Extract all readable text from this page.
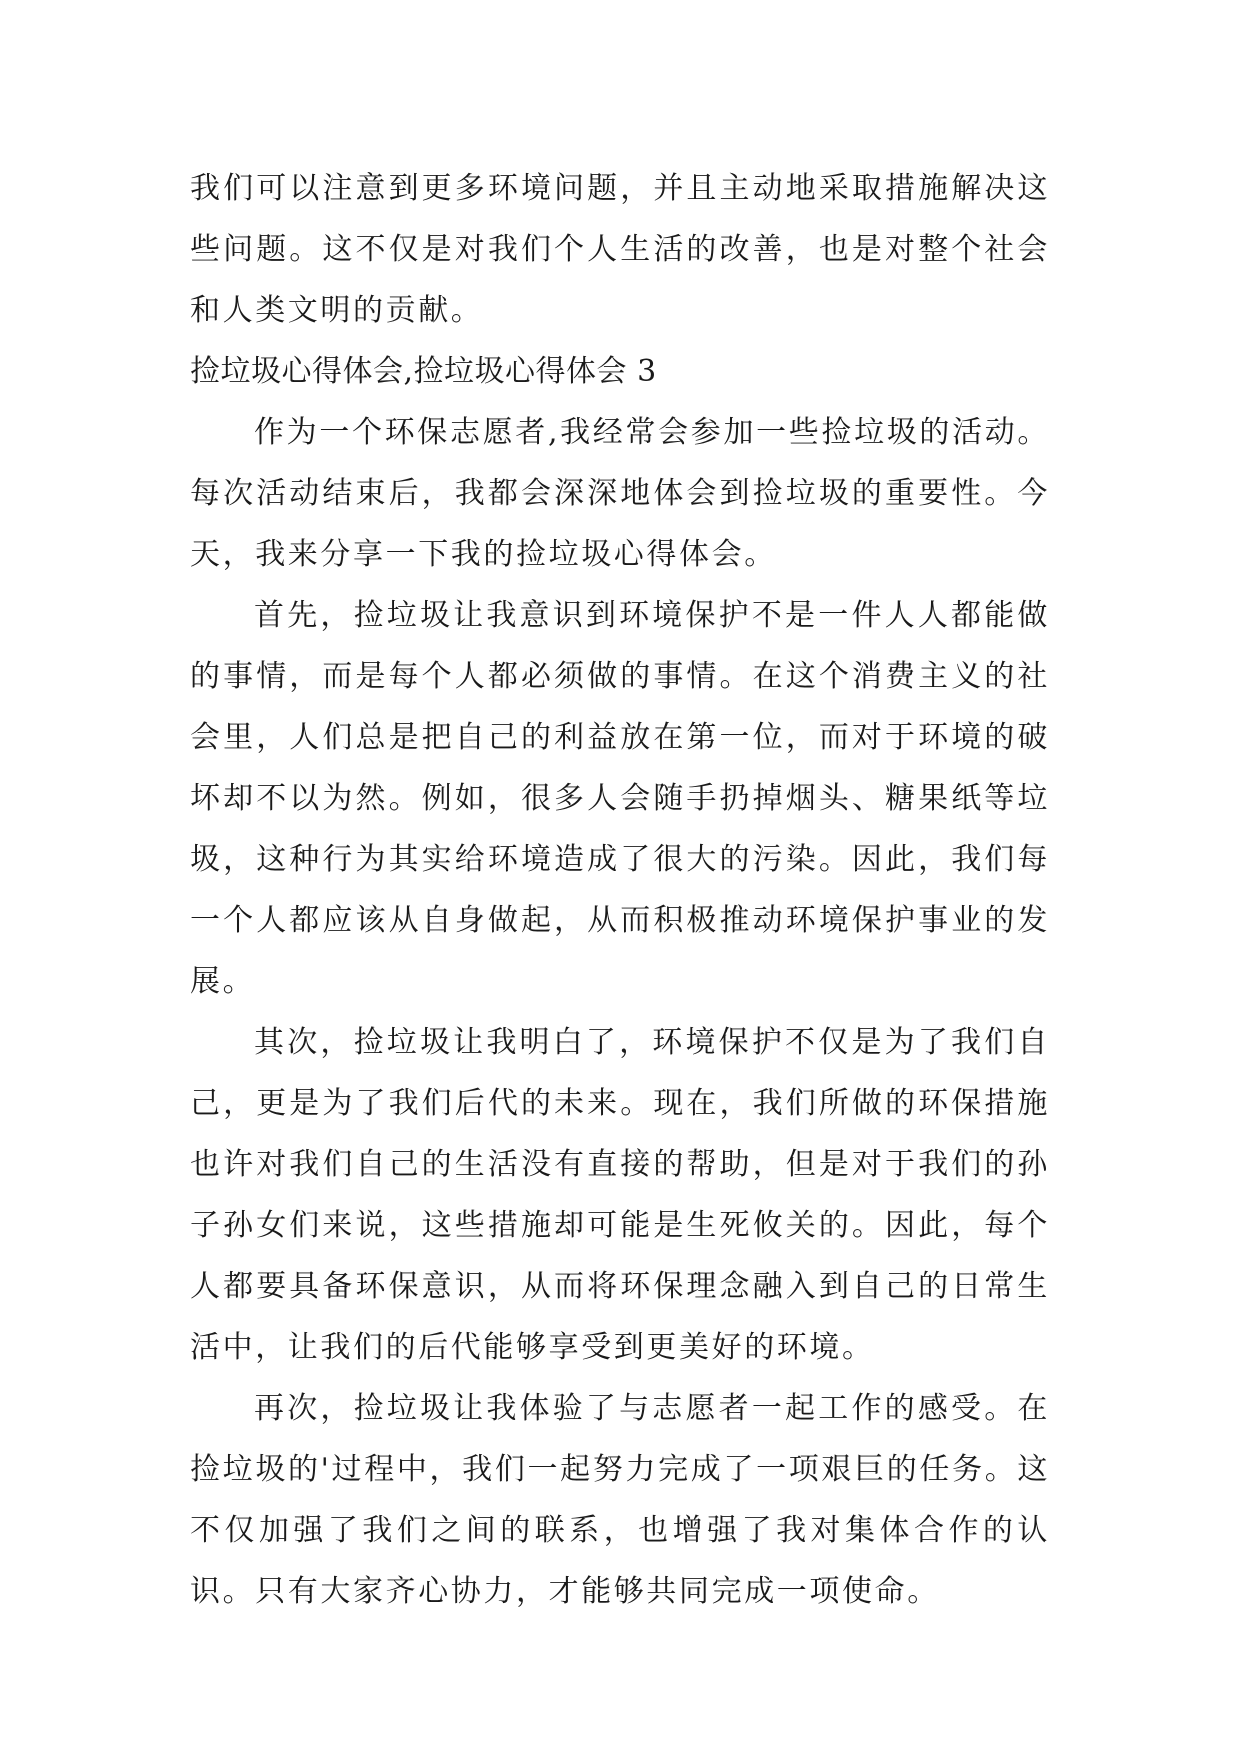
我们可以注意到更多环境问题，并且主动地采取措施解决这些问题。这不仅是对我们个人生活的改善，也是对整个社会和人类文明的贡献。

捡垃圾心得体会,捡垃圾心得体会 3

作为一个环保志愿者,我经常会参加一些捡垃圾的活动。每次活动结束后，我都会深深地体会到捡垃圾的重要性。今天，我来分享一下我的捡垃圾心得体会。

首先，捡垃圾让我意识到环境保护不是一件人人都能做的事情，而是每个人都必须做的事情。在这个消费主义的社会里，人们总是把自己的利益放在第一位，而对于环境的破坏却不以为然。例如，很多人会随手扔掉烟头、糖果纸等垃圾，这种行为其实给环境造成了很大的污染。因此，我们每一个人都应该从自身做起，从而积极推动环境保护事业的发展。

其次，捡垃圾让我明白了，环境保护不仅是为了我们自己，更是为了我们后代的未来。现在，我们所做的环保措施也许对我们自己的生活没有直接的帮助，但是对于我们的孙子孙女们来说，这些措施却可能是生死攸关的。因此，每个人都要具备环保意识，从而将环保理念融入到自己的日常生活中，让我们的后代能够享受到更美好的环境。

再次，捡垃圾让我体验了与志愿者一起工作的感受。在捡垃圾的'过程中，我们一起努力完成了一项艰巨的任务。这不仅加强了我们之间的联系，也增强了我对集体合作的认识。只有大家齐心协力，才能够共同完成一项使命。
